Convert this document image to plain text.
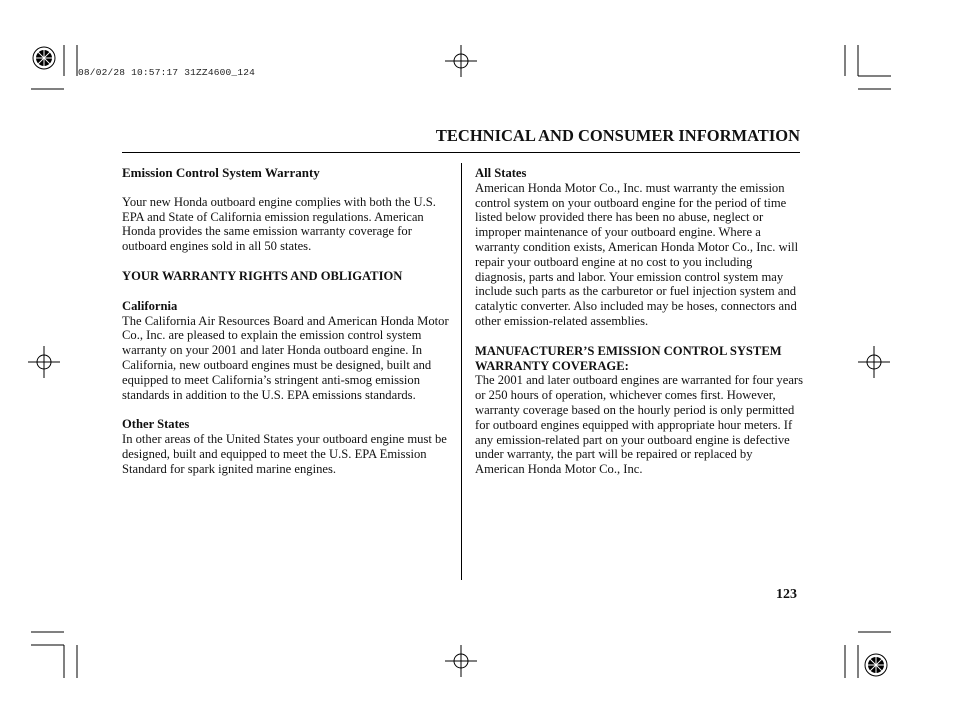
08/02/28 10:57:17 31ZZ4600_124
TECHNICAL AND CONSUMER INFORMATION

Emission Control System Warranty

Your new Honda outboard engine complies with both the U.S. EPA and State of California emission regulations. American Honda provides the same emission warranty coverage for outboard engines sold in all 50 states.

YOUR WARRANTY RIGHTS AND OBLIGATION

California

The California Air Resources Board and American Honda Motor Co., Inc. are pleased to explain the emission control system warranty on your 2001 and later Honda outboard engine. In California, new outboard engines must be designed, built and equipped to meet California’s stringent anti-smog emission standards in addition to the U.S. EPA emissions standards.

Other States

In other areas of the United States your outboard engine must be designed, built and equipped to meet the U.S. EPA Emission Standard for spark ignited marine engines.

All States

American Honda Motor Co., Inc. must warranty the emission control system on your outboard engine for the period of time listed below provided there has been no abuse, neglect or improper maintenance of your outboard engine. Where a warranty condition exists, American Honda Motor Co., Inc. will repair your outboard engine at no cost to you including diagnosis, parts and labor. Your emission control system may include such parts as the carburetor or fuel injection system and catalytic converter. Also included may be hoses, connectors and other emission-related assemblies.

MANUFACTURER’S EMISSION CONTROL SYSTEM WARRANTY COVERAGE:

The 2001 and later outboard engines are warranted for four years or 250 hours of operation, whichever comes first. However, warranty coverage based on the hourly period is only permitted for outboard engines equipped with appropriate hour meters. If any emission-related part on your outboard engine is defective under warranty, the part will be repaired or replaced by American Honda Motor Co., Inc.

123
